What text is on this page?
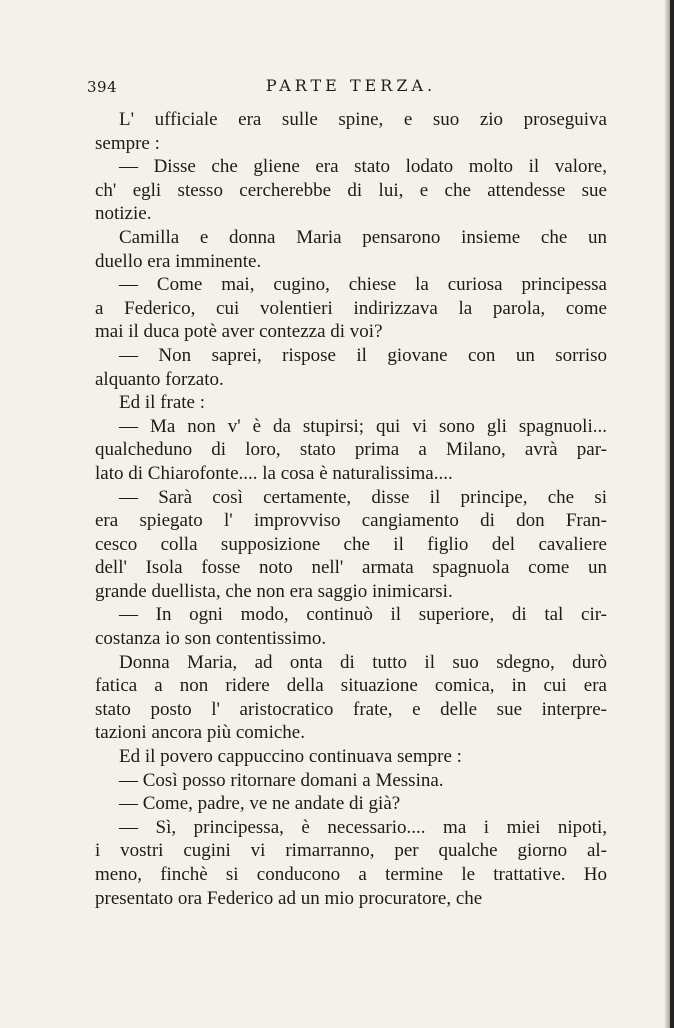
394	PARTE TERZA.

L' ufficiale era sulle spine, e suo zio proseguiva
sempre :

— Disse che gliene era stato lodato molto il valore,
ch' egli stesso cercherebbe di lui, e che attendesse sue
notizie.

Camilla e donna Maria pensarono insieme che un
duello era imminente.

— Come mai, cugino, chiese la curiosa principessa
a Federico, cui volentieri indirizzava la parola, come
mai il duca potè aver contezza di voi?

— Non saprei, rispose il giovane con un sorriso
alquanto forzato.

Ed il frate :

— Ma non v' è da stupirsi; qui vi sono gli spagnuoli...
qualcheduno di loro, stato prima a Milano, avrà par-
lato di Chiarofonte.... la cosa è naturalissima....

— Sarà così certamente, disse il principe, che si
era spiegato l' improvviso cangiamento di don Fran-
cesco colla supposizione che il figlio del cavaliere
dell' Isola fosse noto nell' armata spagnuola come un
grande duellista, che non era saggio inimicarsi.

— In ogni modo, continuò il superiore, di tal cir-
costanza io son contentissimo.

Donna Maria, ad onta di tutto il suo sdegno, durò
fatica a non ridere della situazione comica, in cui era
stato posto l' aristocratico frate, e delle sue interpre-
tazioni ancora più comiche.

Ed il povero cappuccino continuava sempre :

— Così posso ritornare domani a Messina.

— Come, padre, ve ne andate di già?

— Sì, principessa, è necessario.... ma i miei nipoti,
i vostri cugini vi rimarranno, per qualche giorno al-
meno, finchè si conducono a termine le trattative. Ho
presentato ora Federico ad un mio procuratore, che
